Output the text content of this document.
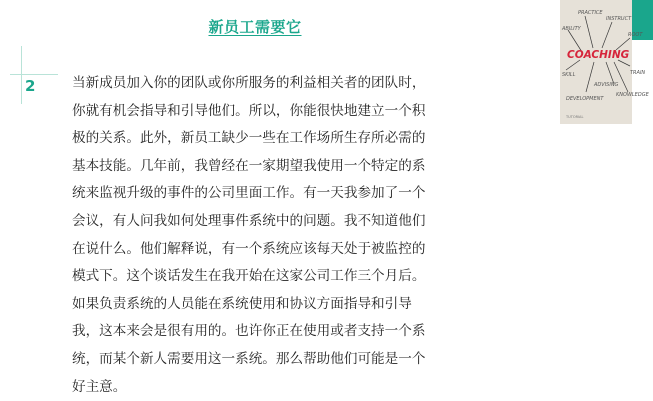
新员工需要它
2	当新成员加入你的团队或你所服务的利益相关者的团队时，
你就有机会指导和引导他们。所以，你能很快地建立一个积
极的关系。此外，新员工缺少一些在工作场所生存所必需的
基本技能。几年前，我曾经在一家期望我使用一个特定的系
统来监视升级的事件的公司里面工作。有一天我参加了一个
会议，有人问我如何处理事件系统中的问题。我不知道他们
在说什么。他们解释说，有一个系统应该每天处于被监控的
模式下。这个谈话发生在我开始在这家公司工作三个月后。
如果负责系统的人员能在系统使用和协议方面指导和引导
我，这本来会是很有用的。也许你正在使用或者支持一个系
统，而某个新人需要用这一系统。那么帮助他们可能是一个
好主意。
PRACTICE
INSTRUCT
ROOT
ABILITY
COACHING
SKILL
ADVISING
KNOWLEDGE
DEVELOPMENT
TRAIN
TUTORIAL
